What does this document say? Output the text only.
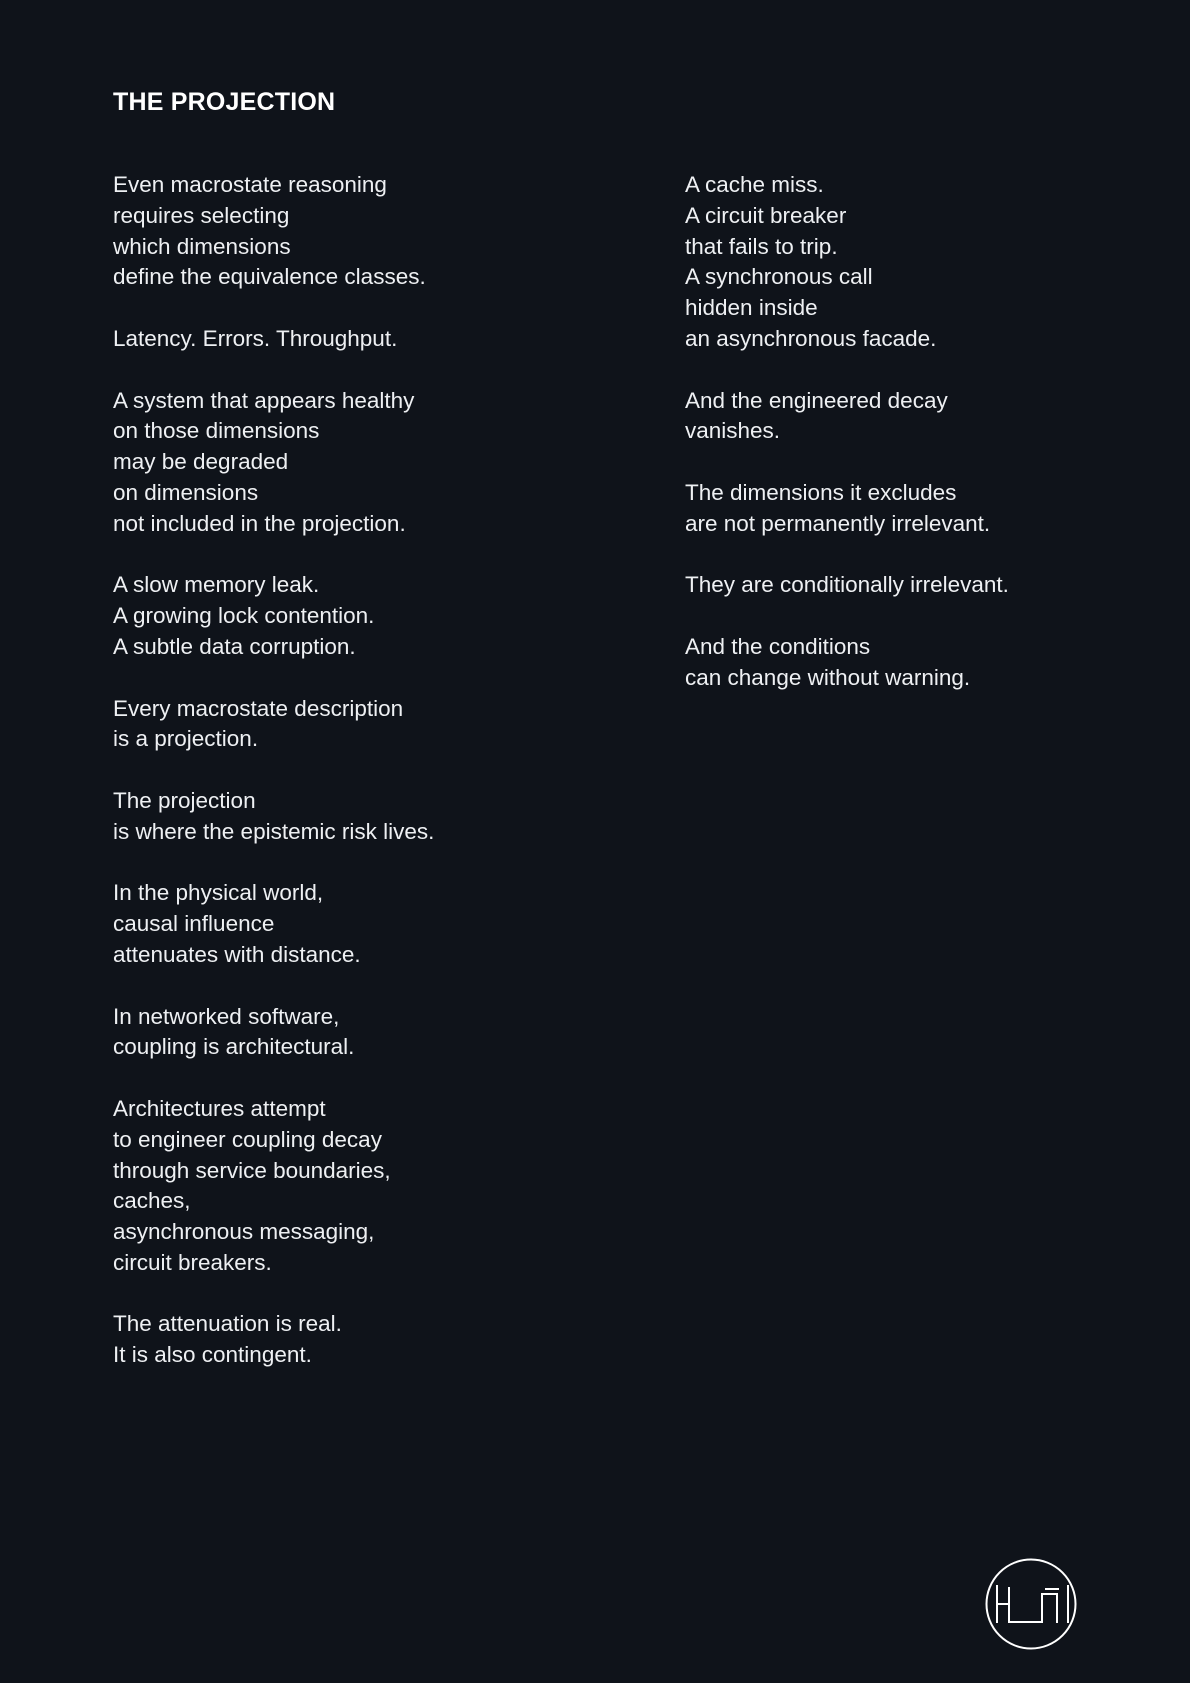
THE PROJECTION
Even macrostate reasoning
requires selecting
which dimensions
define the equivalence classes.
Latency. Errors. Throughput.
A system that appears healthy
on those dimensions
may be degraded
on dimensions
not included in the projection.
A slow memory leak.
A growing lock contention.
A subtle data corruption.
Every macrostate description
is a projection.
The projection
is where the epistemic risk lives.
In the physical world,
causal influence
attenuates with distance.
In networked software,
coupling is architectural.
Architectures attempt
to engineer coupling decay
through service boundaries,
caches,
asynchronous messaging,
circuit breakers.
The attenuation is real.
It is also contingent.
A cache miss.
A circuit breaker
that fails to trip.
A synchronous call
hidden inside
an asynchronous facade.
And the engineered decay
vanishes.
The dimensions it excludes
are not permanently irrelevant.
They are conditionally irrelevant.
And the conditions
can change without warning.
